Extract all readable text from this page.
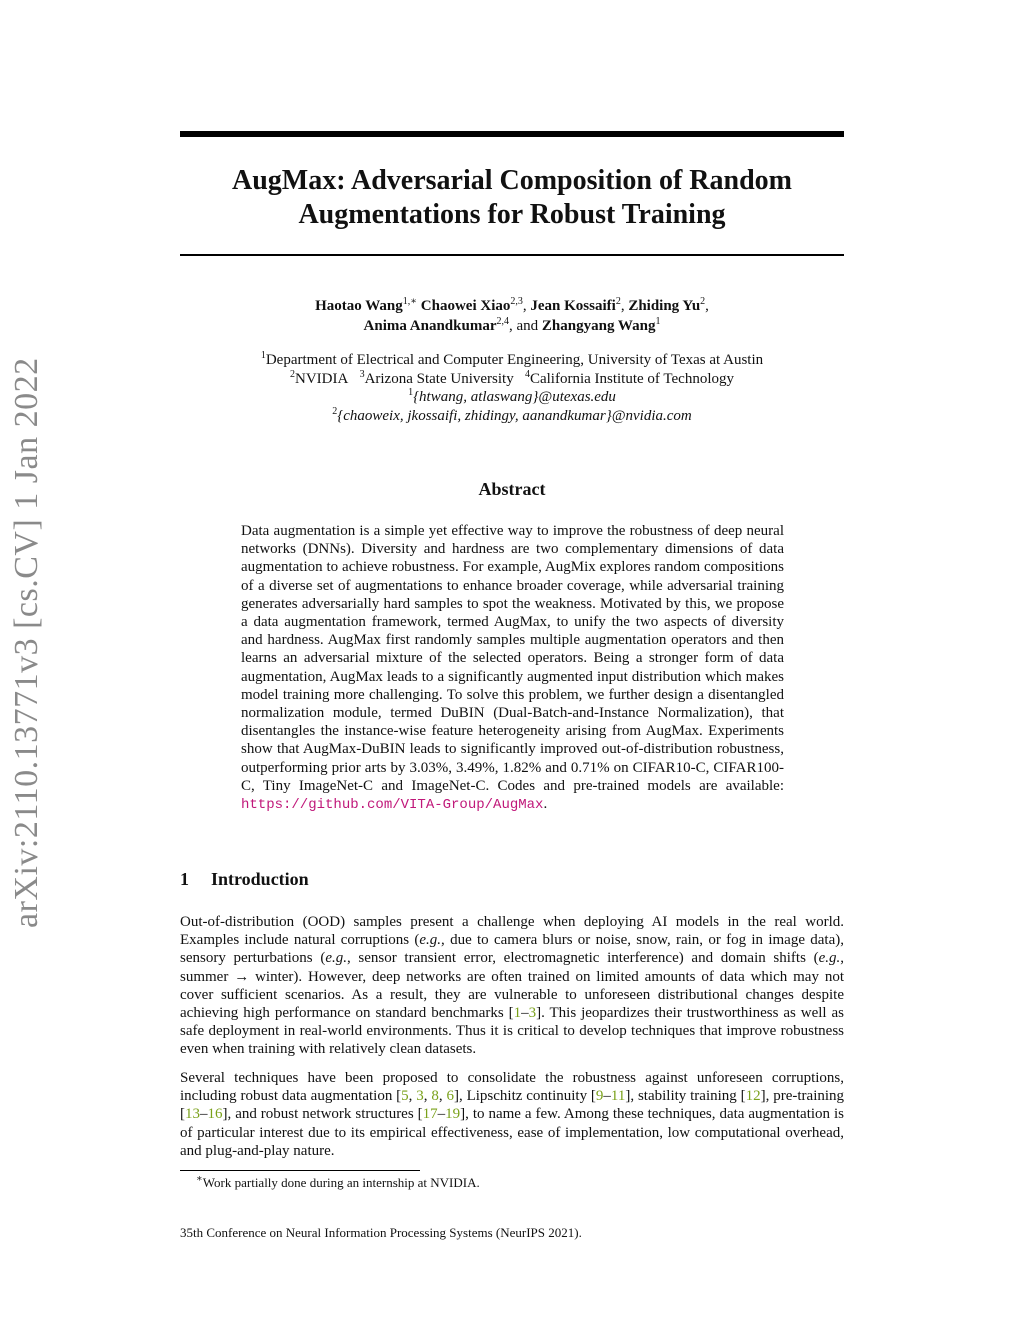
arXiv:2110.13771v3 [cs.CV] 1 Jan 2022
AugMax: Adversarial Composition of Random
Augmentations for Robust Training
Haotao Wang$^{1,∗}$ Chaowei Xiao$^{2,3}$, Jean Kossaifi$^2$, Zhiding Yu$^2$,
Anima Anandkumar$^{2,4}$, and Zhangyang Wang$^1$
$^1$Department of Electrical and Computer Engineering, University of Texas at Austin
$^2$NVIDIA $^3$Arizona State University $^4$California Institute of Technology
$^1${htwang, atlaswang}@utexas.edu
$^2${chaoweix, jkossaifi, zhidingy, aanandkumar}@nvidia.com
Abstract
Data augmentation is a simple yet effective way to improve the robustness of deep neural networks (DNNs). Diversity and hardness are two complementary dimensions of data augmentation to achieve robustness. For example, AugMix explores random compositions of a diverse set of augmentations to enhance broader coverage, while adversarial training generates adversarially hard samples to spot the weakness. Motivated by this, we propose a data augmentation framework, termed AugMax, to unify the two aspects of diversity and hardness. AugMax first randomly samples multiple augmentation operators and then learns an adversarial mixture of the selected operators. Being a stronger form of data augmentation, AugMax leads to a significantly augmented input distribution which makes model training more challenging. To solve this problem, we further design a disentangled normalization module, termed DuBIN (Dual-Batch-and-Instance Normalization), that disentangles the instance-wise feature heterogeneity arising from AugMax. Experiments show that AugMax-DuBIN leads to significantly improved out-of-distribution robustness, outperforming prior arts by 3.03%, 3.49%, 1.82% and 0.71% on CIFAR10-C, CIFAR100-C, Tiny ImageNet-C and ImageNet-C. Codes and pre-trained models are available: https://github.com/VITA-Group/AugMax.
1 Introduction
Out-of-distribution (OOD) samples present a challenge when deploying AI models in the real world. Examples include natural corruptions (e.g., due to camera blurs or noise, snow, rain, or fog in image data), sensory perturbations (e.g., sensor transient error, electromagnetic interference) and domain shifts (e.g., summer → winter). However, deep networks are often trained on limited amounts of data which may not cover sufficient scenarios. As a result, they are vulnerable to unforeseen distributional changes despite achieving high performance on standard benchmarks [1–3]. This jeopardizes their trustworthiness as well as safe deployment in real-world environments. Thus it is critical to develop techniques that improve robustness even when training with relatively clean datasets.
Several techniques have been proposed to consolidate the robustness against unforeseen corruptions, including robust data augmentation [5, 3, 8, 6], Lipschitz continuity [9–11], stability training [12], pre-training [13–16], and robust network structures [17–19], to name a few. Among these techniques, data augmentation is of particular interest due to its empirical effectiveness, ease of implementation, low computational overhead, and plug-and-play nature.
∗Work partially done during an internship at NVIDIA.
35th Conference on Neural Information Processing Systems (NeurIPS 2021).
